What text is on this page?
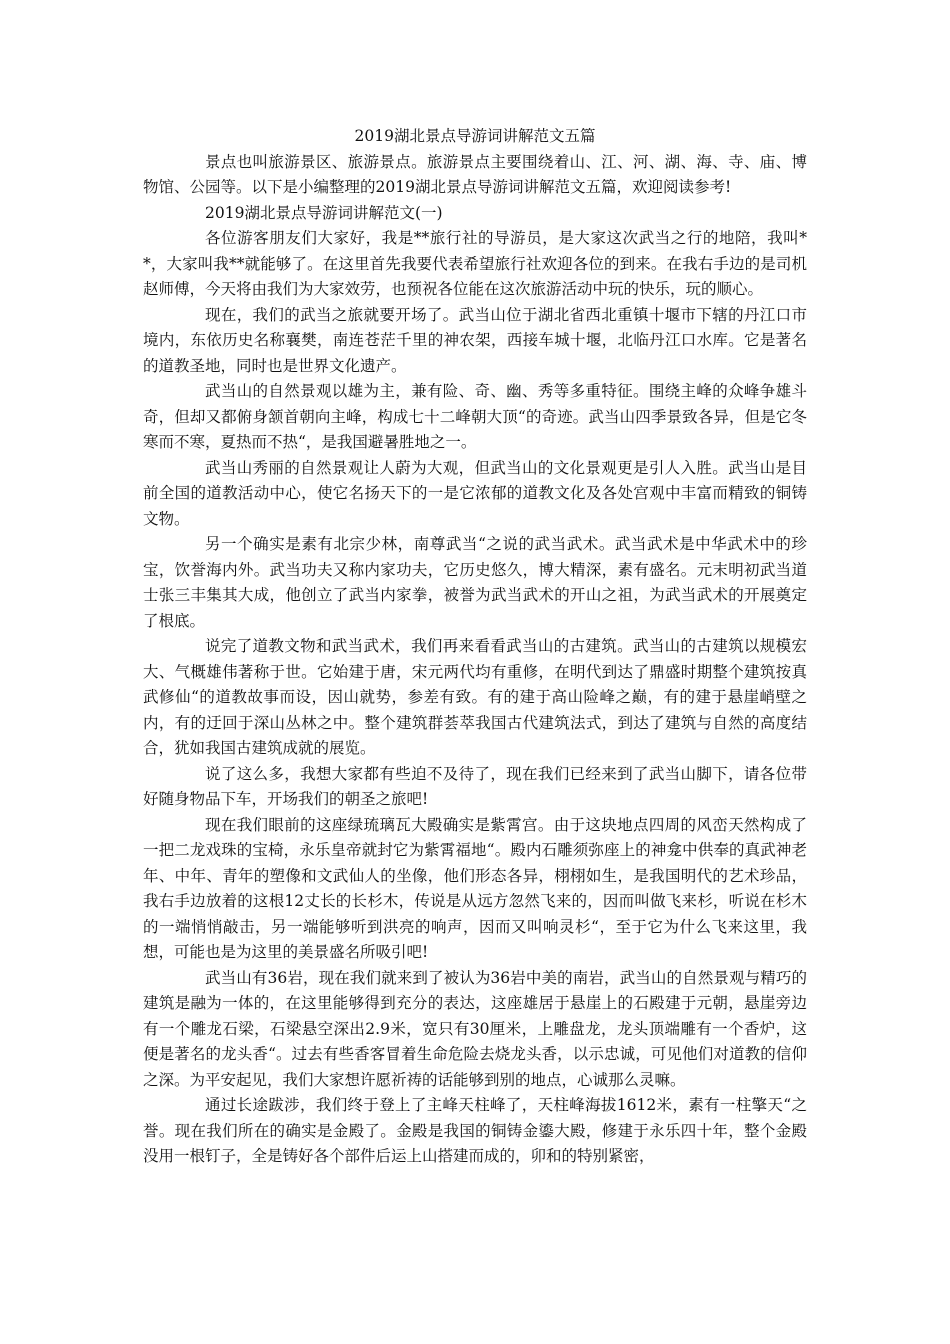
2019湖北景点导游词讲解范文五篇

景点也叫旅游景区、旅游景点。旅游景点主要围绕着山、江、河、湖、海、寺、庙、博物馆、公园等。以下是小编整理的2019湖北景点导游词讲解范文五篇，欢迎阅读参考!

2019湖北景点导游词讲解范文(一)

各位游客朋友们大家好，我是**旅行社的导游员，是大家这次武当之行的地陪，我叫**，大家叫我**就能够了。在这里首先我要代表希望旅行社欢迎各位的到来。在我右手边的是司机赵师傅，今天将由我们为大家效劳，也预祝各位能在这次旅游活动中玩的快乐，玩的顺心。

现在，我们的武当之旅就要开场了。武当山位于湖北省西北重镇十堰市下辖的丹江口市境内，东依历史名称襄樊，南连苍茫千里的神农架，西接车城十堰，北临丹江口水库。它是著名的道教圣地，同时也是世界文化遗产。

武当山的自然景观以雄为主，兼有险、奇、幽、秀等多重特征。围绕主峰的众峰争雄斗奇，但却又都俯身颔首朝向主峰，构成七十二峰朝大顶“的奇迹。武当山四季景致各异，但是它冬寒而不寒，夏热而不热“，是我国避暑胜地之一。

武当山秀丽的自然景观让人蔚为大观，但武当山的文化景观更是引人入胜。武当山是目前全国的道教活动中心，使它名扬天下的一是它浓郁的道教文化及各处宫观中丰富而精致的铜铸文物。

另一个确实是素有北宗少林，南尊武当“之说的武当武术。武当武术是中华武术中的珍宝，饮誉海内外。武当功夫又称内家功夫，它历史悠久，博大精深，素有盛名。元末明初武当道士张三丰集其大成，他创立了武当内家拳，被誉为武当武术的开山之祖，为武当武术的开展奠定了根底。

说完了道教文物和武当武术，我们再来看看武当山的古建筑。武当山的古建筑以规模宏大、气概雄伟著称于世。它始建于唐，宋元两代均有重修，在明代到达了鼎盛时期整个建筑按真武修仙“的道教故事而设，因山就势，参差有致。有的建于高山险峰之巅，有的建于悬崖峭壁之内，有的迂回于深山丛林之中。整个建筑群荟萃我国古代建筑法式，到达了建筑与自然的高度结合，犹如我国古建筑成就的展览。

说了这么多，我想大家都有些迫不及待了，现在我们已经来到了武当山脚下，请各位带好随身物品下车，开场我们的朝圣之旅吧!

现在我们眼前的这座绿琉璃瓦大殿确实是紫霄宫。由于这块地点四周的风峦天然构成了一把二龙戏珠的宝椅，永乐皇帝就封它为紫霄福地“。殿内石雕须弥座上的神龛中供奉的真武神老年、中年、青年的塑像和文武仙人的坐像，他们形态各异，栩栩如生，是我国明代的艺术珍品，我右手边放着的这根12丈长的长杉木，传说是从远方忽然飞来的，因而叫做飞来杉，听说在杉木的一端悄悄敲击，另一端能够听到洪亮的响声，因而又叫响灵杉“，至于它为什么飞来这里，我想，可能也是为这里的美景盛名所吸引吧!

武当山有36岩，现在我们就来到了被认为36岩中美的南岩，武当山的自然景观与精巧的建筑是融为一体的，在这里能够得到充分的表达，这座雄居于悬崖上的石殿建于元朝，悬崖旁边有一个雕龙石梁，石梁悬空深出2.9米，宽只有30厘米，上雕盘龙，龙头顶端雕有一个香炉，这便是著名的龙头香“。过去有些香客冒着生命危险去烧龙头香，以示忠诚，可见他们对道教的信仰之深。为平安起见，我们大家想许愿祈祷的话能够到别的地点，心诚那么灵嘛。

通过长途跋涉，我们终于登上了主峰天柱峰了，天柱峰海拔1612米，素有一柱擎天“之誉。现在我们所在的确实是金殿了。金殿是我国的铜铸金鎏大殿，修建于永乐四十年，整个金殿没用一根钉子，全是铸好各个部件后运上山搭建而成的，卯和的特别紧密，
